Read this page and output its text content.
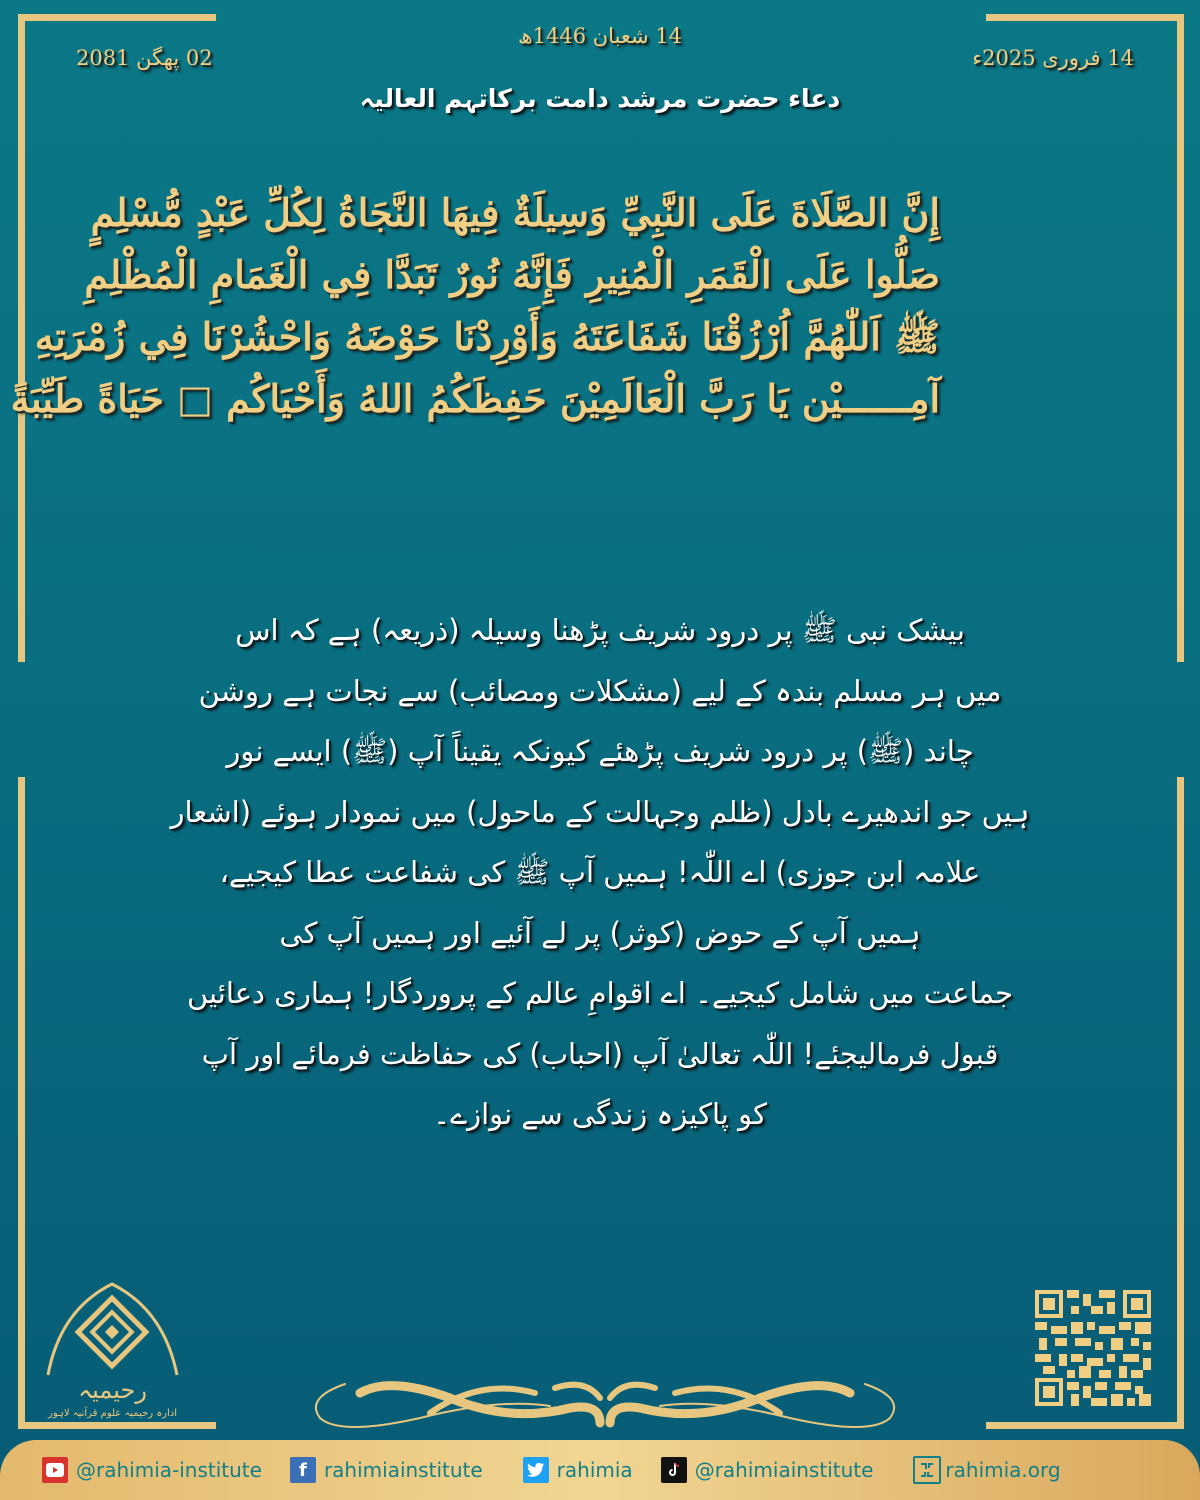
14 شعبان 1446ھ
14 فروری 2025ء
02 پھگن 2081
دعاء حضرت مرشد دامت برکاتہم العالیہ
إِنَّ الصَّلَاةَ عَلَى النَّبِيِّ وَسِيلَةٌ فِيهَا النَّجَاةُ لِكُلِّ عَبْدٍ مُّسْلِمٍ
صَلُّوا عَلَى الْقَمَرِ الْمُنِيرِ فَإِنَّهُ نُورٌ تَبَدَّا فِي الْغَمَامِ الْمُظْلِمِ
ﷺ اَللّٰهُمَّ اُرْزُقْنَا شَفَاعَتَهُ وَأَوْرِدْنَا حَوْضَهُ وَاحْشُرْنَا فِي زُمْرَتِهِ
آمِــــــيْن يَا رَبَّ الْعَالَمِيْنَ حَفِظَكُمُ اللهُ وَأَحْيَاكُم □ حَيَاةً طَيِّبَةً
بیشک نبی ﷺ پر درود شریف پڑھنا وسیلہ (ذریعہ) ہے کہ اس
میں ہر مسلم بندہ کے لیے (مشکلات ومصائب) سے نجات ہے روشن
چاند (ﷺ) پر درود شریف پڑھئے کیونکہ یقیناً آپ (ﷺ) ایسے نور
ہیں جو اندھیرے بادل (ظلم وجہالت کے ماحول) میں نمودار ہوئے (اشعار
علامہ ابن جوزی) اے اللّٰہ! ہمیں آپ ﷺ کی شفاعت عطا کیجیے،
ہمیں آپ کے حوض (کوثر) پر لے آئیے اور ہمیں آپ کی
جماعت میں شامل کیجیے۔ اے اقوامِ عالم کے پروردگار! ہماری دعائیں
قبول فرمالیجئے! اللّٰہ تعالیٰ آپ (احباب) کی حفاظت فرمائے اور آپ
کو پاکیزہ زندگی سے نوازے۔
رحیمیہ
ادارہ رحیمیہ علوم قرآنیہ لاہور
@rahimia-institute	f rahimiainstitute	rahimia	@rahimiainstitute	rahimia.org
